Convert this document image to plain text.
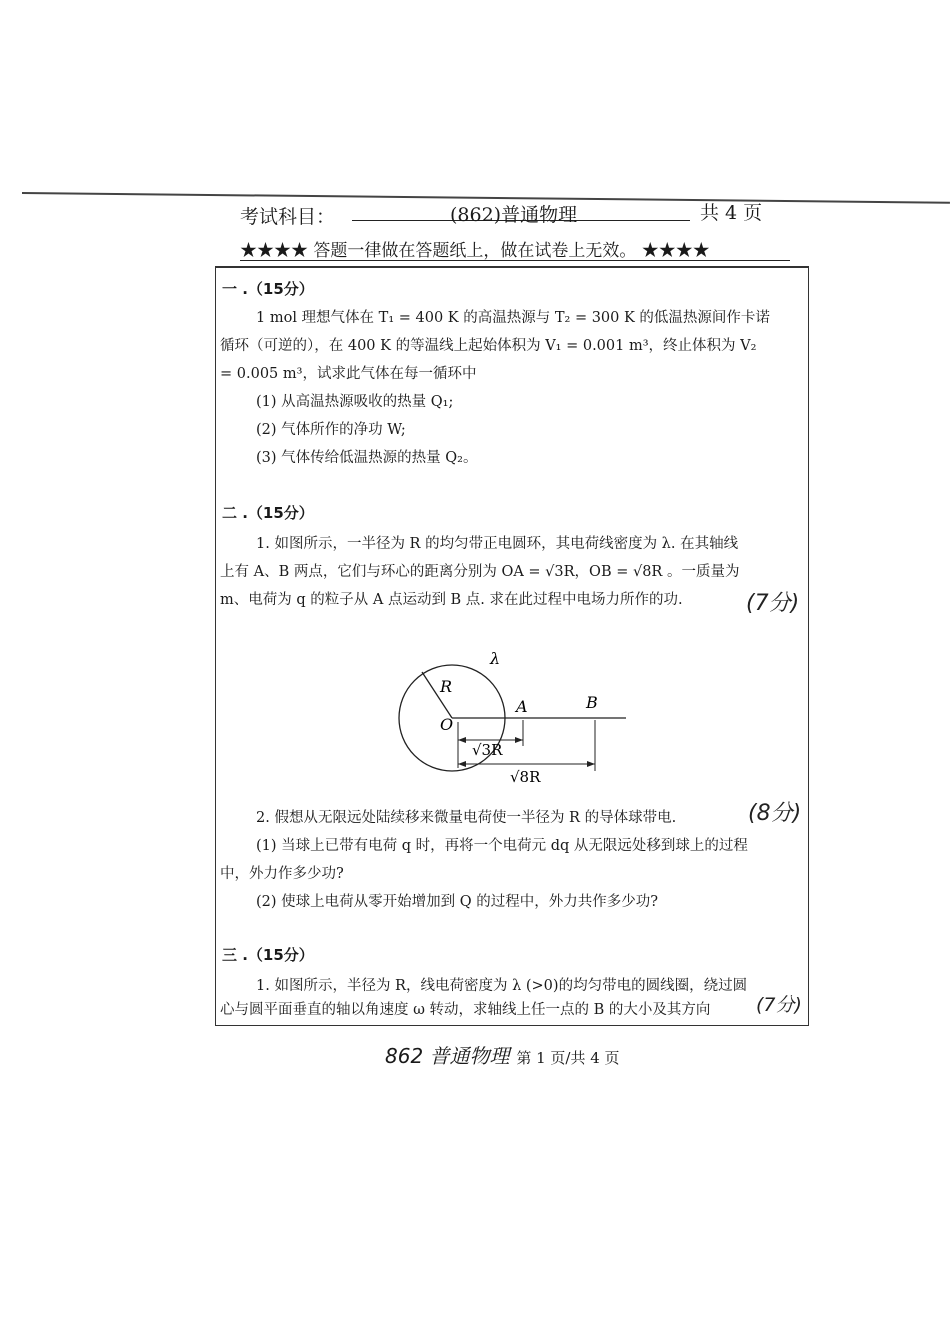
考试科目：	(862)普通物理	共 4 页
★★★★ 答题一律做在答题纸上，做在试卷上无效。 ★★★★
一 .（15分）
1 mol 理想气体在 T₁ = 400 K 的高温热源与 T₂ = 300 K 的低温热源间作卡诺
循环（可逆的），在 400 K 的等温线上起始体积为 V₁ = 0.001 m³，终止体积为 V₂
= 0.005 m³，试求此气体在每一循环中
(1) 从高温热源吸收的热量 Q₁;
(2) 气体所作的净功 W;
(3) 气体传给低温热源的热量 Q₂。
二 .（15分）
1. 如图所示，一半径为 R 的均匀带正电圆环，其电荷线密度为 λ. 在其轴线
上有 A、B 两点，它们与环心的距离分别为 OA = √3R，OB = √8R 。一质量为
m、电荷为 q 的粒子从 A 点运动到 B 点. 求在此过程中电场力所作的功.	(7分)
λ
R
O
A	B
√3R
√8R
2. 假想从无限远处陆续移来微量电荷使一半径为 R 的导体球带电.	(8分)
(1) 当球上已带有电荷 q 时，再将一个电荷元 dq 从无限远处移到球上的过程
中，外力作多少功?
(2) 使球上电荷从零开始增加到 Q 的过程中，外力共作多少功?
三 .（15分）
1. 如图所示，半径为 R，线电荷密度为 λ (>0)的均匀带电的圆线圈，绕过圆
心与圆平面垂直的轴以角速度 ω 转动，求轴线上任一点的 B 的大小及其方向 (7分)
862 普通物理 第 1 页/共 4 页
